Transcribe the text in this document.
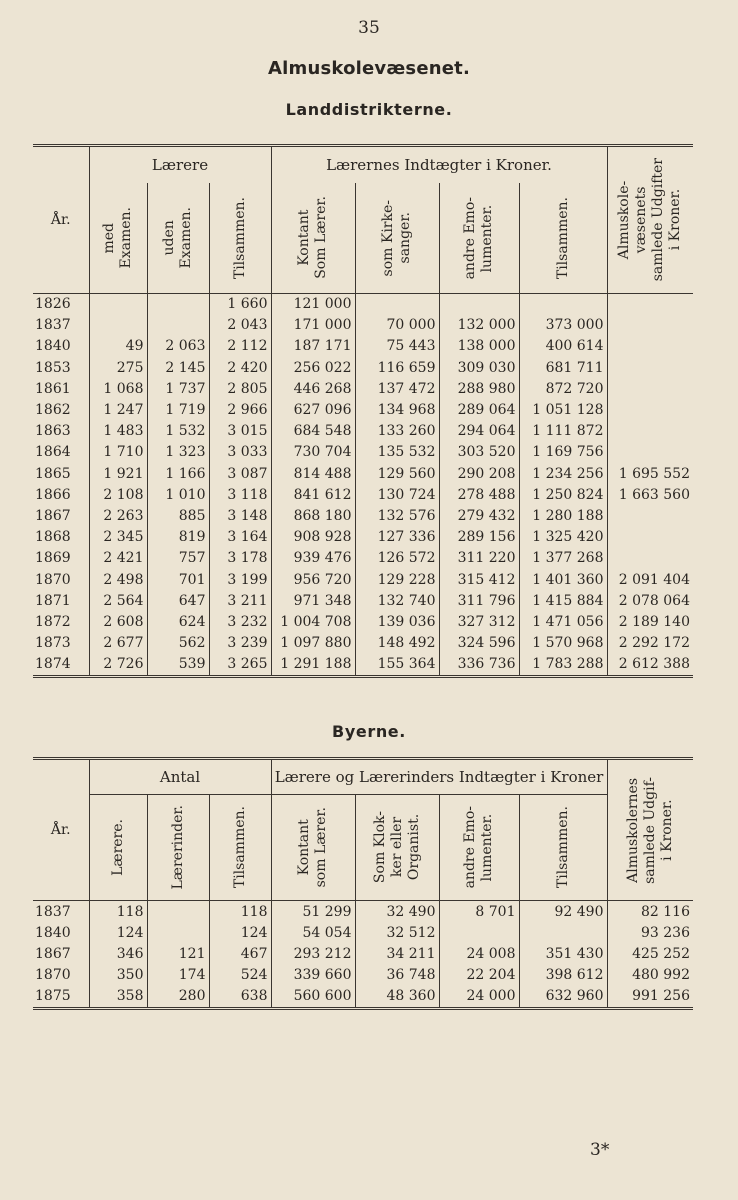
35
Almuskolevæsenet.
Landdistrikterne.
År.	Lærere			Lærernes Indtægter i Kroner.				Almuskole-
væsenets
samlede Udgifter
i Kroner.

	med
Examen.	uden
Examen.	Tilsammen.	Kontant
Som Lærer.	som Kirke-
sanger.	andre Emo-
lumenter.	Tilsammen.	

1826			1 660	121 000				
1837			2 043	171 000	70 000	132 000	373 000	
1840	49	2 063	2 112	187 171	75 443	138 000	400 614	
1853	275	2 145	2 420	256 022	116 659	309 030	681 711	
1861	1 068	1 737	2 805	446 268	137 472	288 980	872 720	
1862	1 247	1 719	2 966	627 096	134 968	289 064	1 051 128	
1863	1 483	1 532	3 015	684 548	133 260	294 064	1 111 872	
1864	1 710	1 323	3 033	730 704	135 532	303 520	1 169 756	
1865	1 921	1 166	3 087	814 488	129 560	290 208	1 234 256	1 695 552
1866	2 108	1 010	3 118	841 612	130 724	278 488	1 250 824	1 663 560
1867	2 263	885	3 148	868 180	132 576	279 432	1 280 188	
1868	2 345	819	3 164	908 928	127 336	289 156	1 325 420	
1869	2 421	757	3 178	939 476	126 572	311 220	1 377 268	
1870	2 498	701	3 199	956 720	129 228	315 412	1 401 360	2 091 404
1871	2 564	647	3 211	971 348	132 740	311 796	1 415 884	2 078 064
1872	2 608	624	3 232	1 004 708	139 036	327 312	1 471 056	2 189 140
1873	2 677	562	3 239	1 097 880	148 492	324 596	1 570 968	2 292 172
1874	2 726	539	3 265	1 291 188	155 364	336 736	1 783 288	2 612 388
Byerne.
År.	Antal			Lærere og Lærerinders Indtægter i Kroner				Almuskolernes
samlede Udgif-
i Kroner.

	Lærere.	Lærerinder.	Tilsammen.	Kontant
som Lærer.	Som Klok-
ker eller
Organist.	andre Emo-
lumenter.	Tilsammen.	

1837	118		118	51 299	32 490	8 701	92 490	82 116
1840	124		124	54 054	32 512			93 236
1867	346	121	467	293 212	34 211	24 008	351 430	425 252
1870	350	174	524	339 660	36 748	22 204	398 612	480 992
1875	358	280	638	560 600	48 360	24 000	632 960	991 256
3*
